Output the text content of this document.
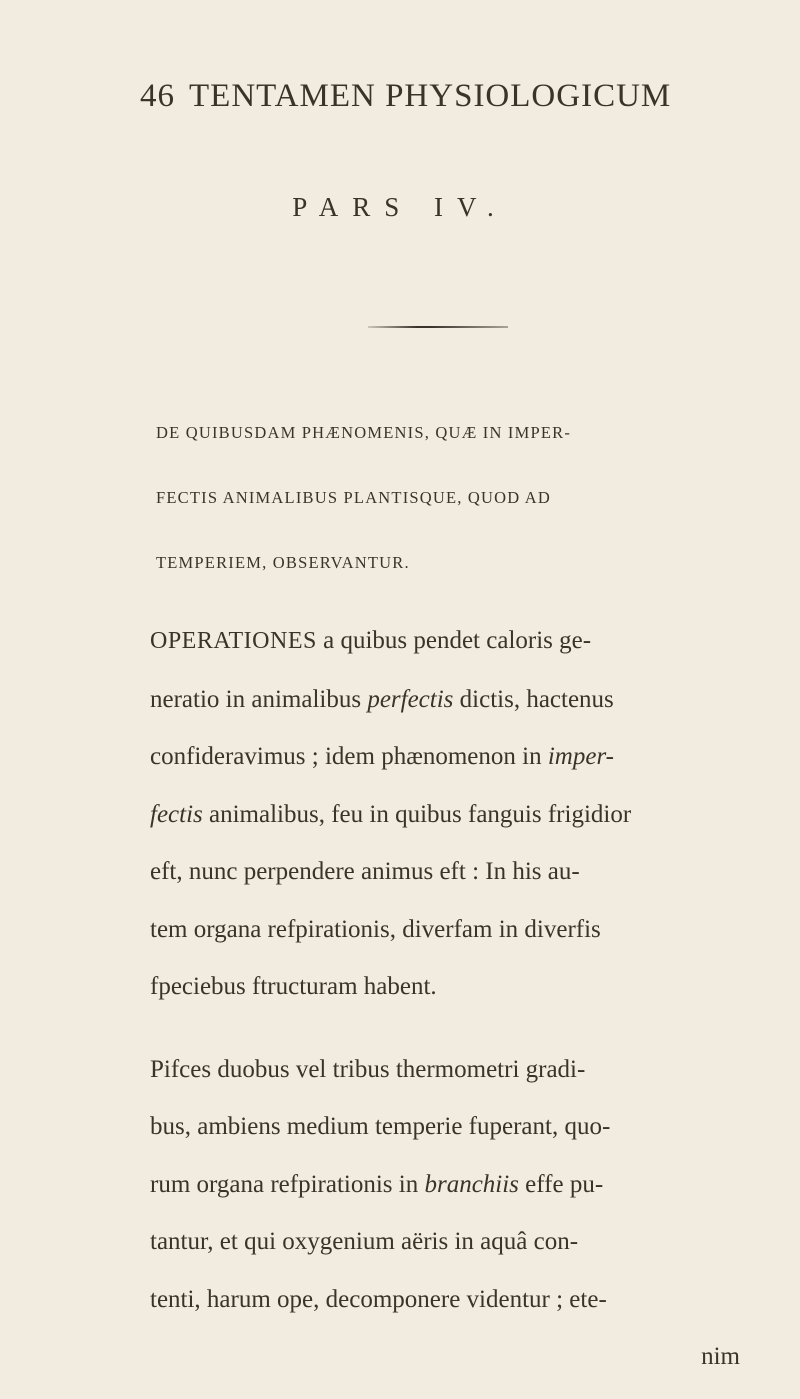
46 TENTAMEN PHYSIOLOGICUM
PARS IV.
DE QUIBUSDAM PHÆNOMENIS, QUÆ IN IMPER-
FECTIS ANIMALIBUS PLANTISQUE, QUOD AD
TEMPERIEM, OBSERVANTUR.
OPERATIONES a quibus pendet caloris ge-
neratio in animalibus perfectis dictis, hactenus
confideravimus ; idem phænomenon in imper-
fectis animalibus, feu in quibus fanguis frigidior
eft, nunc perpendere animus eft : In his au-
tem organa refpirationis, diverfam in diverfis
fpeciebus ftructuram habent.
Pifces duobus vel tribus thermometri gradi-
bus, ambiens medium temperie fuperant, quo-
rum organa refpirationis in branchiis effe pu-
tantur, et qui oxygenium aëris in aquâ con-
tenti, harum ope, decomponere videntur ; ete-
nim
